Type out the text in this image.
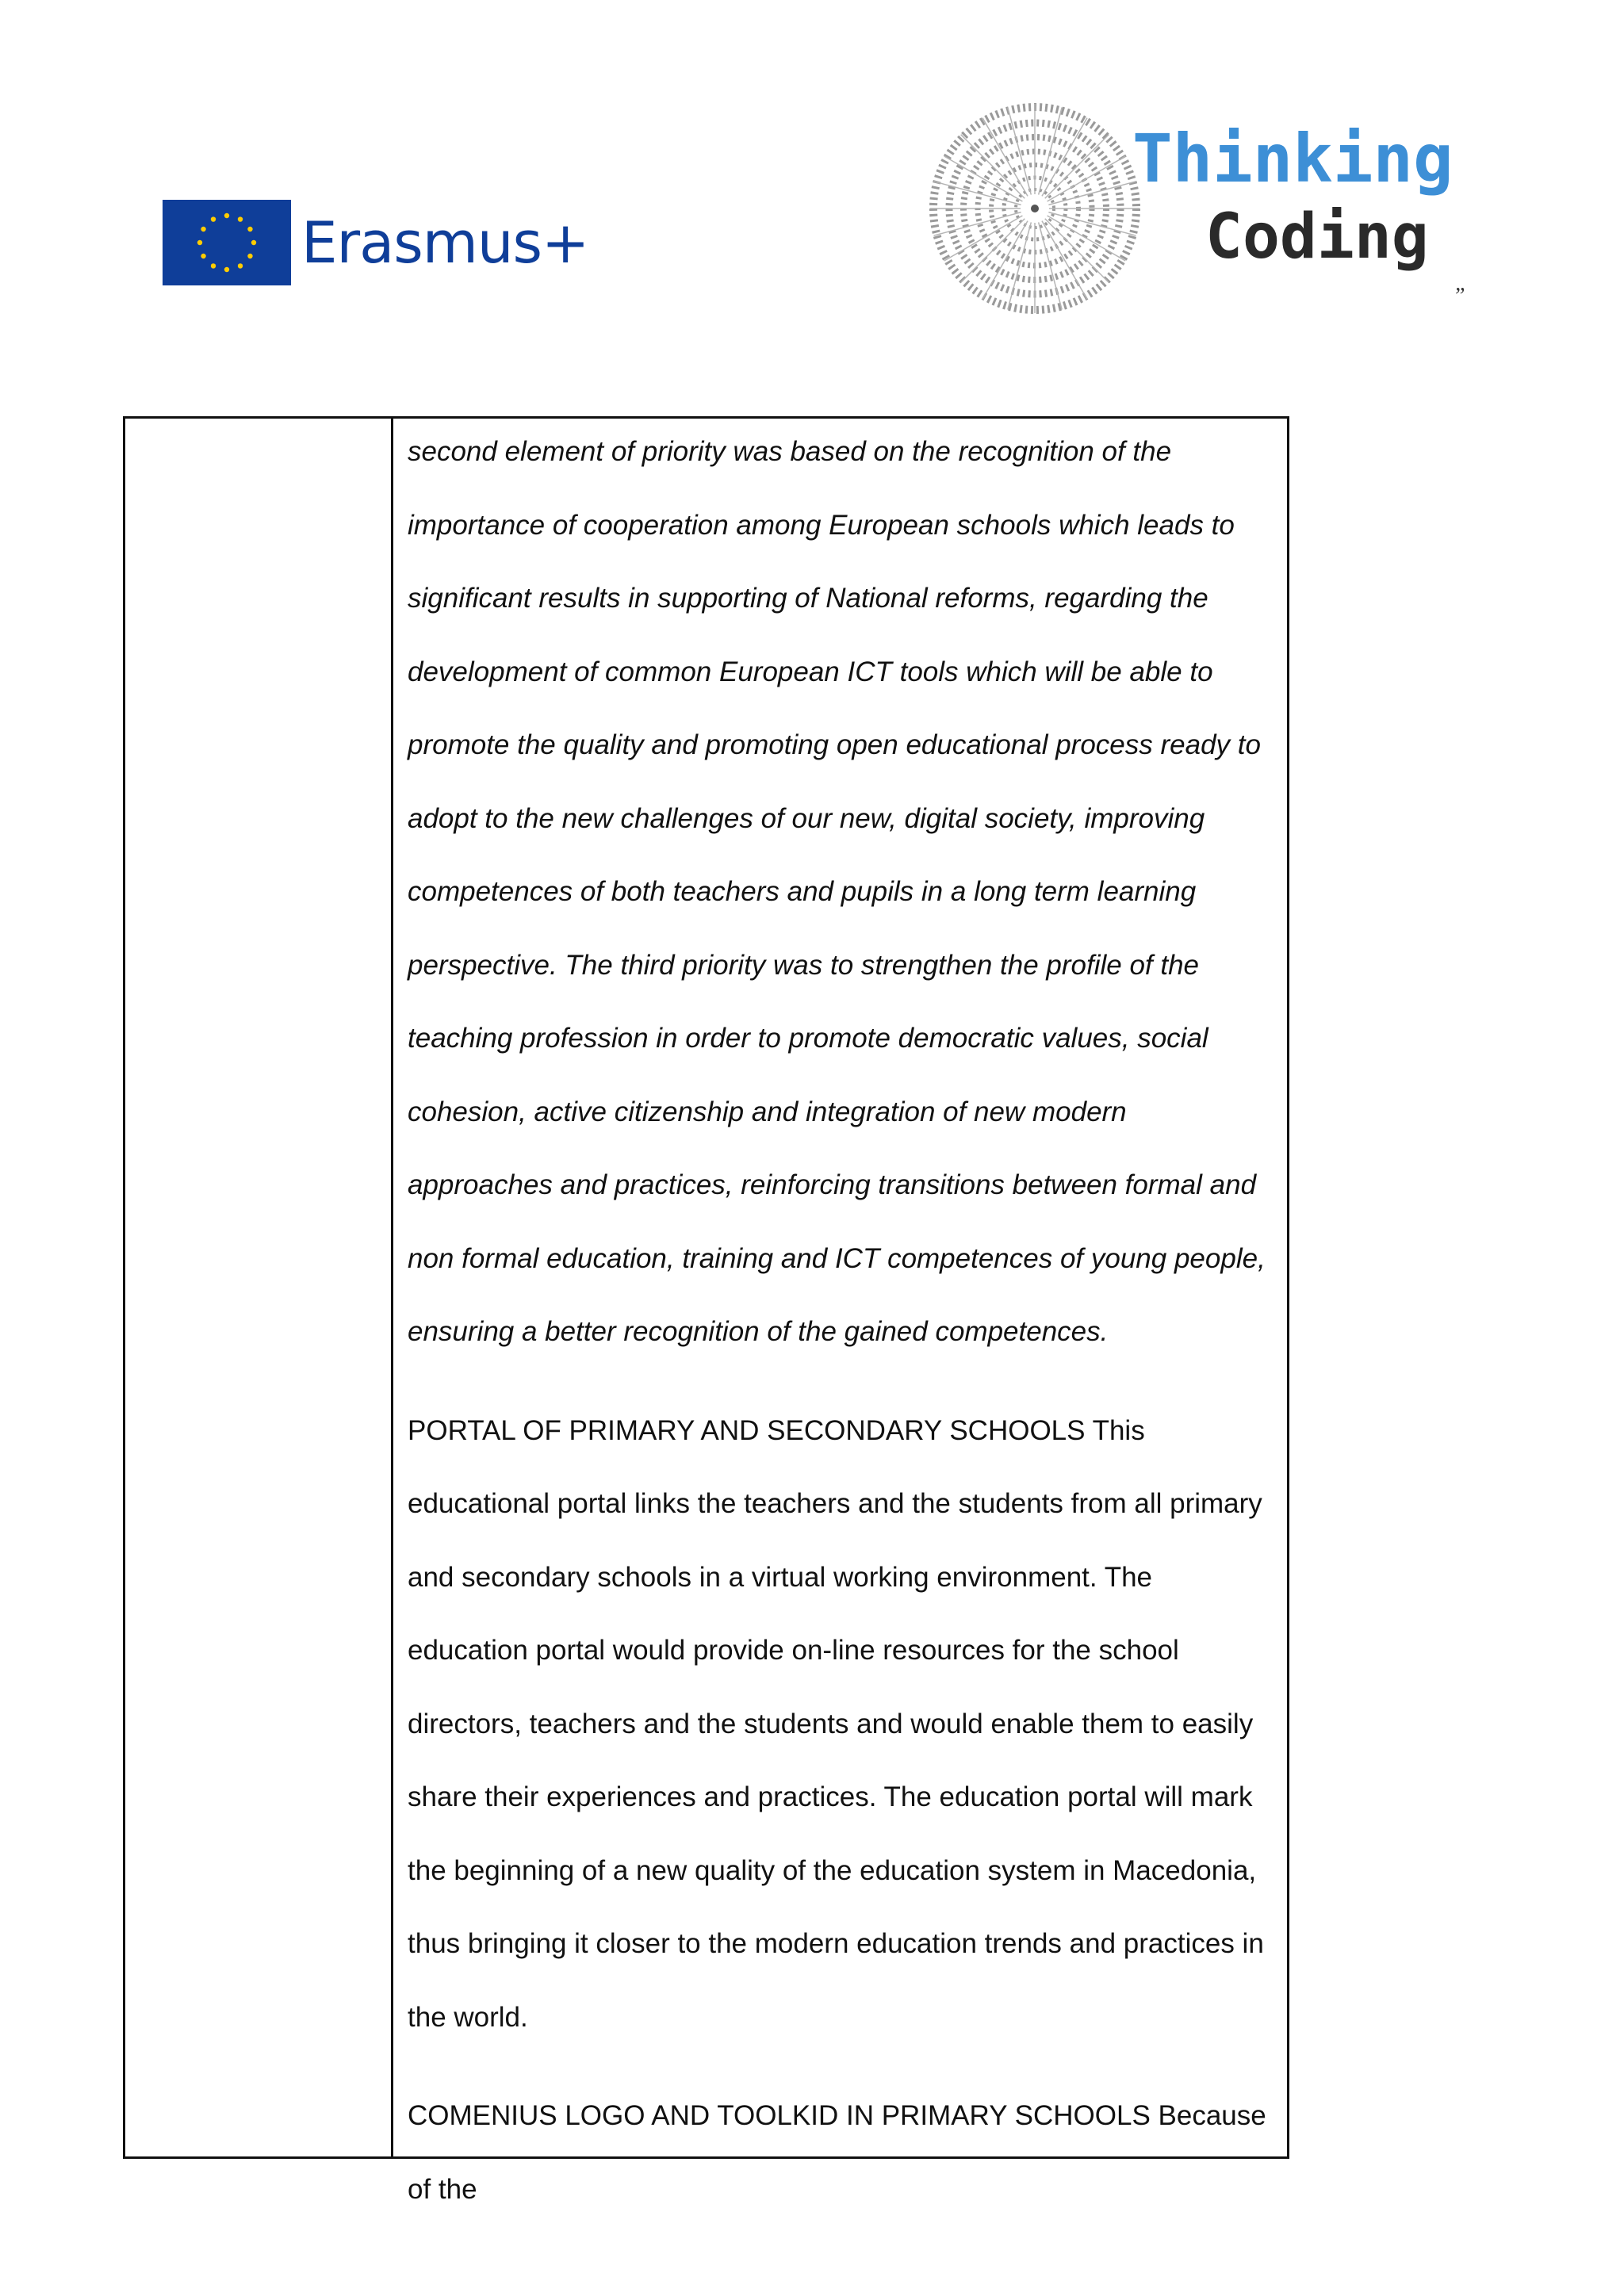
Erasmus+
Thinking
Coding
”

second element of priority was based on the recognition of the importance of cooperation among European schools which leads to significant results in supporting of National reforms, regarding the development of common European ICT tools which will be able to promote the quality and promoting open educational process ready to adopt to the new challenges of our new, digital society, improving competences of both teachers and pupils in a long term learning perspective. The third priority was to strengthen the profile of the teaching profession in order to promote democratic values, social cohesion, active citizenship and integration of new modern approaches and practices, reinforcing transitions between formal and non formal education, training and ICT competences of young people, ensuring a better recognition of the gained competences.

PORTAL OF PRIMARY AND SECONDARY SCHOOLS This educational portal links the teachers and the students from all primary and secondary schools in a virtual working environment. The education portal would provide on-line resources for the school directors, teachers and the students and would enable them to easily share their experiences and practices. The education portal will mark the beginning of a new quality of the education system in Macedonia, thus bringing it closer to the modern education trends and practices in the world.

COMENIUS LOGO AND TOOLKID IN PRIMARY SCHOOLS Because of the
